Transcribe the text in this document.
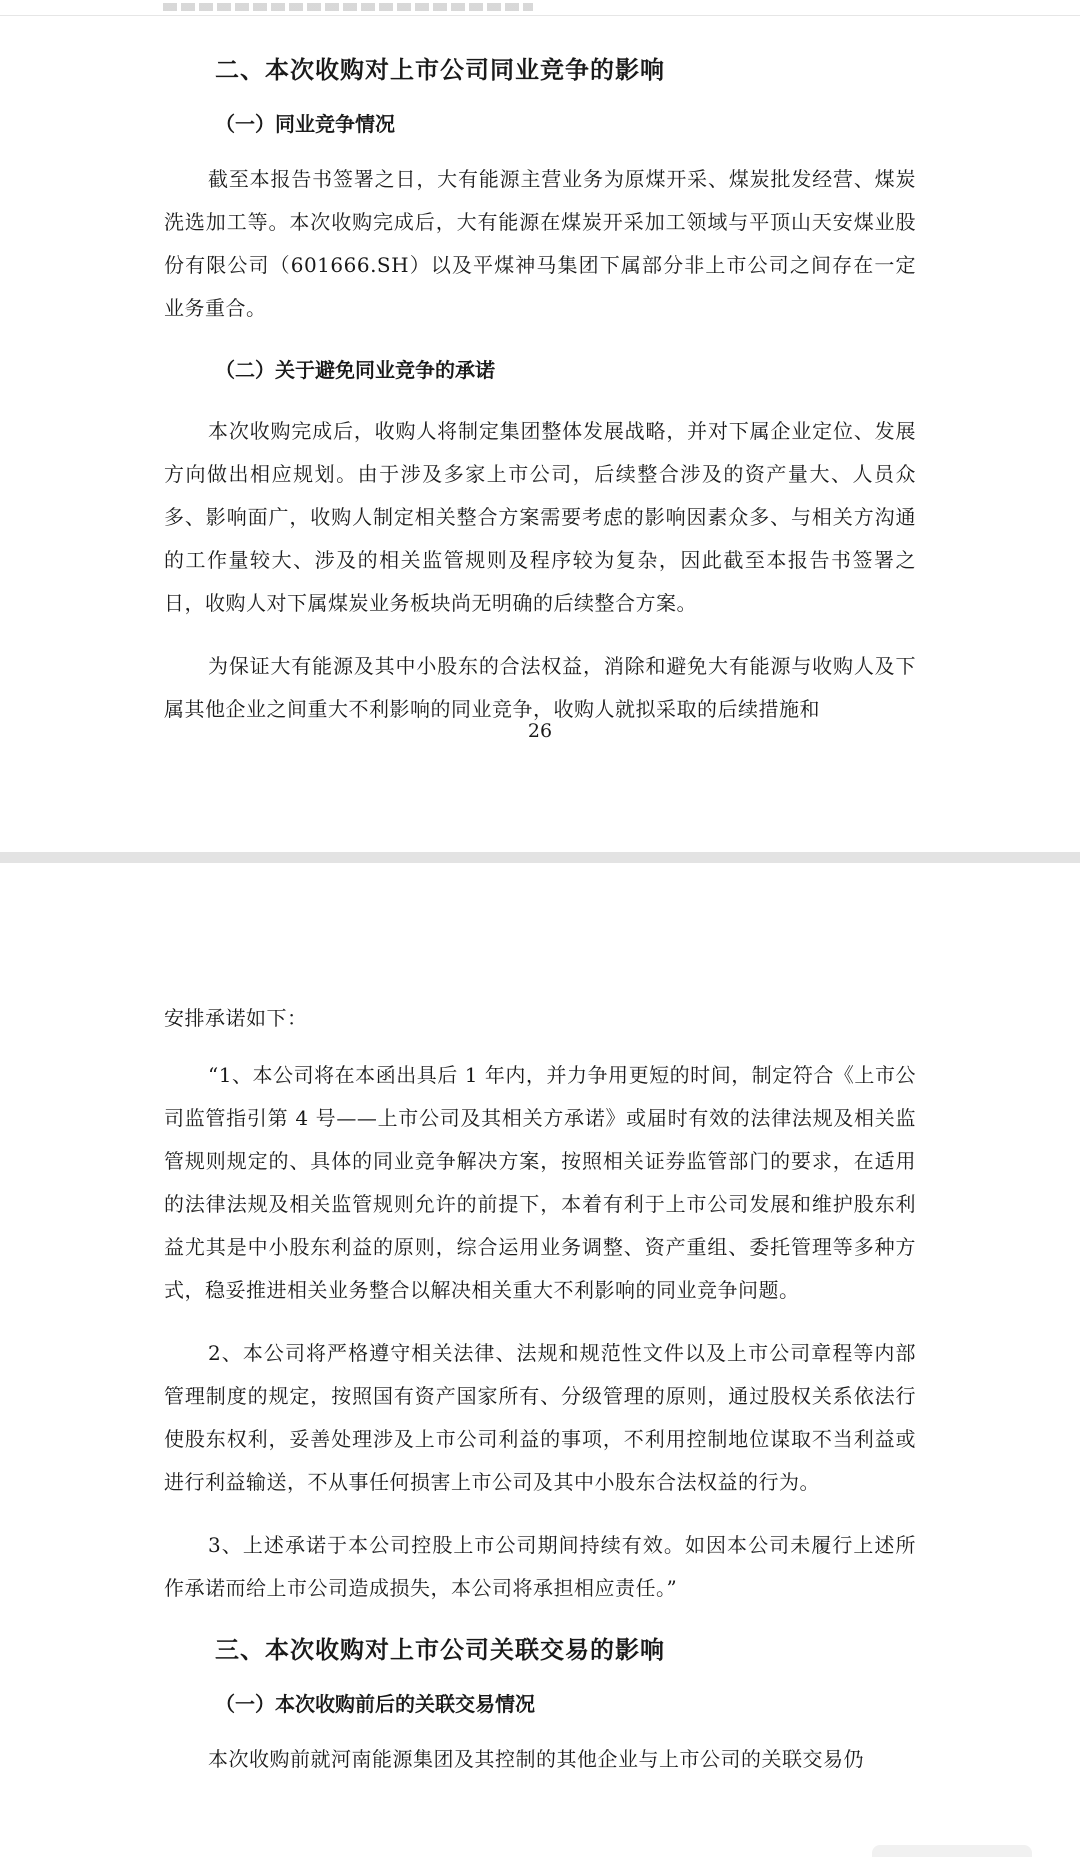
二、本次收购对上市公司同业竞争的影响
（一）同业竞争情况

截至本报告书签署之日，大有能源主营业务为原煤开采、煤炭批发经营、煤炭洗选加工等。本次收购完成后，大有能源在煤炭开采加工领域与平顶山天安煤业股份有限公司（601666.SH）以及平煤神马集团下属部分非上市公司之间存在一定业务重合。

（二）关于避免同业竞争的承诺

本次收购完成后，收购人将制定集团整体发展战略，并对下属企业定位、发展方向做出相应规划。由于涉及多家上市公司，后续整合涉及的资产量大、人员众多、影响面广，收购人制定相关整合方案需要考虑的影响因素众多、与相关方沟通的工作量较大、涉及的相关监管规则及程序较为复杂，因此截至本报告书签署之日，收购人对下属煤炭业务板块尚无明确的后续整合方案。

为保证大有能源及其中小股东的合法权益，消除和避免大有能源与收购人及下属其他企业之间重大不利影响的同业竞争，收购人就拟采取的后续措施和

26

安排承诺如下：

“1、本公司将在本函出具后 1 年内，并力争用更短的时间，制定符合《上市公司监管指引第 4 号——上市公司及其相关方承诺》或届时有效的法律法规及相关监管规则规定的、具体的同业竞争解决方案，按照相关证券监管部门的要求，在适用的法律法规及相关监管规则允许的前提下，本着有利于上市公司发展和维护股东利益尤其是中小股东利益的原则，综合运用业务调整、资产重组、委托管理等多种方式，稳妥推进相关业务整合以解决相关重大不利影响的同业竞争问题。

2、本公司将严格遵守相关法律、法规和规范性文件以及上市公司章程等内部管理制度的规定，按照国有资产国家所有、分级管理的原则，通过股权关系依法行使股东权利，妥善处理涉及上市公司利益的事项，不利用控制地位谋取不当利益或进行利益输送，不从事任何损害上市公司及其中小股东合法权益的行为。

3、上述承诺于本公司控股上市公司期间持续有效。如因本公司未履行上述所作承诺而给上市公司造成损失，本公司将承担相应责任。”

三、本次收购对上市公司关联交易的影响
（一）本次收购前后的关联交易情况

本次收购前就河南能源集团及其控制的其他企业与上市公司的关联交易仍
